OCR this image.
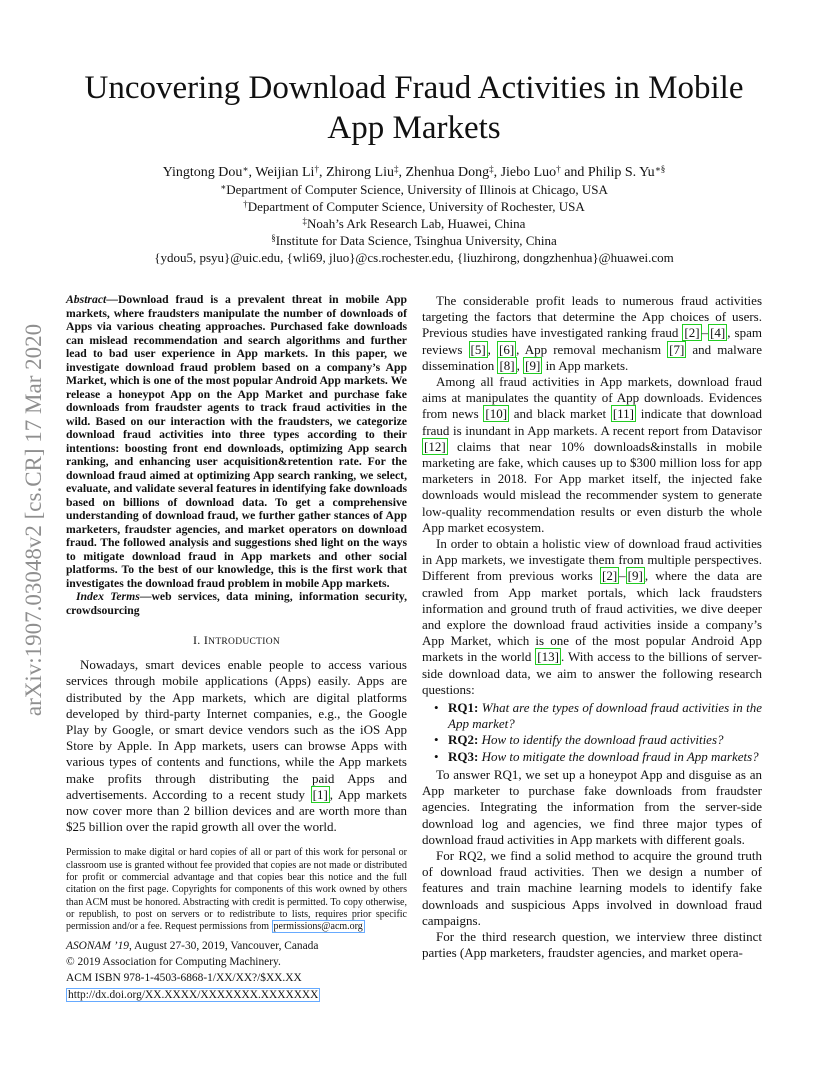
arXiv:1907.03048v2 [cs.CR] 17 Mar 2020
Uncovering Download Fraud Activities in Mobile App Markets
Yingtong Dou∗, Weijian Li†, Zhirong Liu‡, Zhenhua Dong‡, Jiebo Luo† and Philip S. Yu∗§
∗Department of Computer Science, University of Illinois at Chicago, USA
†Department of Computer Science, University of Rochester, USA
‡Noah’s Ark Research Lab, Huawei, China
§Institute for Data Science, Tsinghua University, China
{ydou5, psyu}@uic.edu, {wli69, jluo}@cs.rochester.edu, {liuzhirong, dongzhenhua}@huawei.com
Abstract—Download fraud is a prevalent threat in mobile App markets, where fraudsters manipulate the number of downloads of Apps via various cheating approaches. Purchased fake downloads can mislead recommendation and search algorithms and further lead to bad user experience in App markets. In this paper, we investigate download fraud problem based on a company’s App Market, which is one of the most popular Android App markets. We release a honeypot App on the App Market and purchase fake downloads from fraudster agents to track fraud activities in the wild. Based on our interaction with the fraudsters, we categorize download fraud activities into three types according to their intentions: boosting front end downloads, optimizing App search ranking, and enhancing user acquisition&retention rate. For the download fraud aimed at optimizing App search ranking, we select, evaluate, and validate several features in identifying fake downloads based on billions of download data. To get a comprehensive understanding of download fraud, we further gather stances of App marketers, fraudster agencies, and market operators on download fraud. The followed analysis and suggestions shed light on the ways to mitigate download fraud in App markets and other social platforms. To the best of our knowledge, this is the first work that investigates the download fraud problem in mobile App markets.
Index Terms—web services, data mining, information security, crowdsourcing
I. INTRODUCTION

Nowadays, smart devices enable people to access various services through mobile applications (Apps) easily. Apps are distributed by the App markets, which are digital platforms developed by third-party Internet companies, e.g., the Google Play by Google, or smart device vendors such as the iOS App Store by Apple. In App markets, users can browse Apps with various types of contents and functions, while the App markets make profits through distributing the paid Apps and advertisements. According to a recent study [1] , App markets now cover more than 2 billion devices and are worth more than $25 billion over the rapid growth all over the world.

Permission to make digital or hard copies of all or part of this work for personal or classroom use is granted without fee provided that copies are not made or distributed for profit or commercial advantage and that copies bear this notice and the full citation on the first page. Copyrights for components of this work owned by others than ACM must be honored. Abstracting with credit is permitted. To copy otherwise, or republish, to post on servers or to redistribute to lists, requires prior specific permission and/or a fee. Request permissions from permissions@acm.org
ASONAM ’19, August 27-30, 2019, Vancouver, Canada
© 2019 Association for Computing Machinery.
ACM ISBN 978-1-4503-6868-1/XX/XX?/$XX.XX
http://dx.doi.org/XX.XXXX/XXXXXXX.XXXXXXX

The considerable profit leads to numerous fraud activities targeting the factors that determine the App choices of users. Previous studies have investigated ranking fraud [2] – [4] , spam reviews [5] , [6] , App removal mechanism [7] and malware dissemination [8] , [9] in App markets.

Among all fraud activities in App markets, download fraud aims at manipulates the quantity of App downloads. Evidences from news [10] and black market [11] indicate that download fraud is inundant in App markets. A recent report from Datavisor [12] claims that near 10% downloads&installs in mobile marketing are fake, which causes up to $300 million loss for app marketers in 2018. For App market itself, the injected fake downloads would mislead the recommender system to generate low-quality recommendation results or even disturb the whole App market ecosystem.

In order to obtain a holistic view of download fraud activities in App markets, we investigate them from multiple perspectives. Different from previous works [2] – [9] , where the data are crawled from App market portals, which lack fraudsters information and ground truth of fraud activities, we dive deeper and explore the download fraud activities inside a company’s App Market, which is one of the most popular Android App markets in the world [13] . With access to the billions of server-side download data, we aim to answer the following research questions:

• RQ1: What are the types of download fraud activities in the App market?
• RQ2: How to identify the download fraud activities?
• RQ3: How to mitigate the download fraud in App markets?

To answer RQ1, we set up a honeypot App and disguise as an App marketer to purchase fake downloads from fraudster agencies. Integrating the information from the server-side download log and agencies, we find three major types of download fraud activities in App markets with different goals.

For RQ2, we find a solid method to acquire the ground truth of download fraud activities. Then we design a number of features and train machine learning models to identify fake downloads and suspicious Apps involved in download fraud campaigns.

For the third research question, we interview three distinct parties (App marketers, fraudster agencies, and market opera-
